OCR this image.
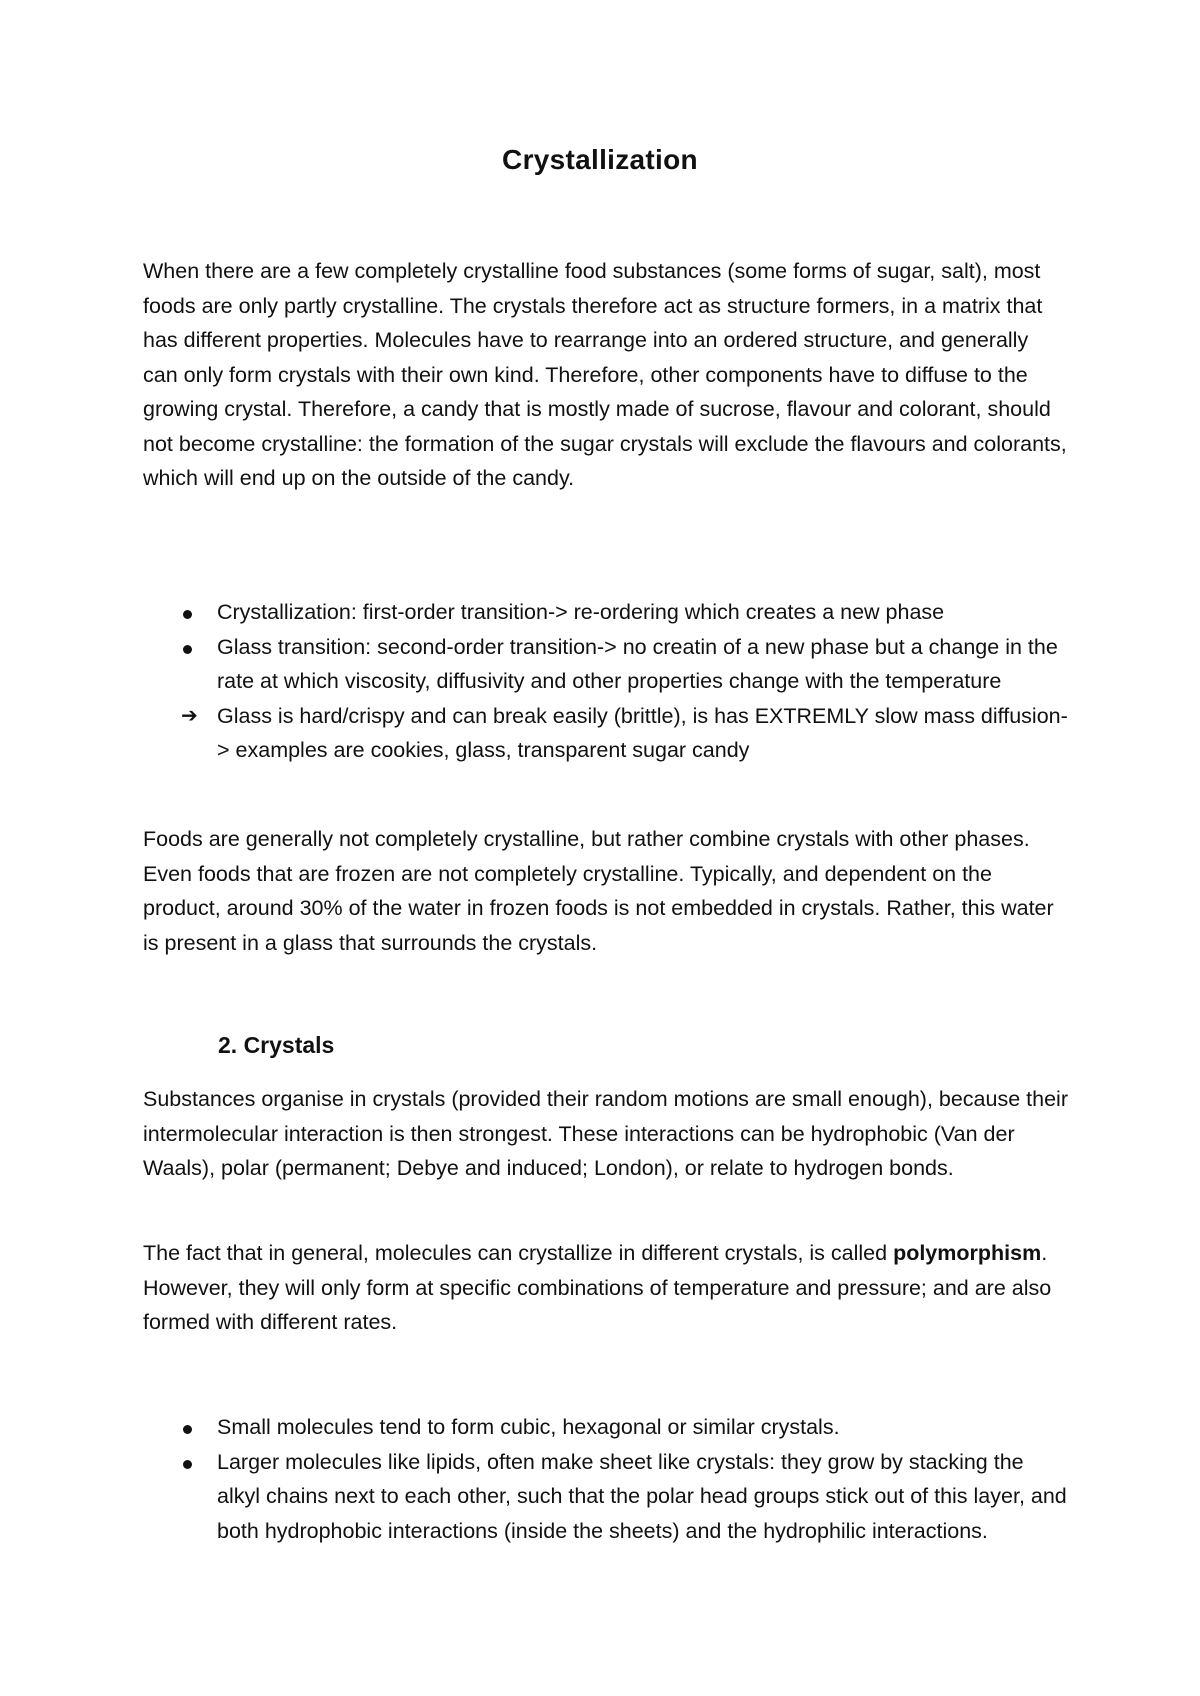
Crystallization

When there are a few completely crystalline food substances (some forms of sugar, salt), most foods are only partly crystalline. The crystals therefore act as structure formers, in a matrix that has different properties. Molecules have to rearrange into an ordered structure, and generally can only form crystals with their own kind. Therefore, other components have to diffuse to the growing crystal. Therefore, a candy that is mostly made of sucrose, flavour and colorant, should not become crystalline: the formation of the sugar crystals will exclude the flavours and colorants, which will end up on the outside of the candy.

Crystallization: first-order transition-> re-ordering which creates a new phase
Glass transition: second-order transition-> no creatin of a new phase but a change in the rate at which viscosity, diffusivity and other properties change with the temperature
➔ Glass is hard/crispy and can break easily (brittle), is has EXTREMLY slow mass diffusion-> examples are cookies, glass, transparent sugar candy

Foods are generally not completely crystalline, but rather combine crystals with other phases. Even foods that are frozen are not completely crystalline. Typically, and dependent on the product, around 30% of the water in frozen foods is not embedded in crystals. Rather, this water is present in a glass that surrounds the crystals.

2. Crystals

Substances organise in crystals (provided their random motions are small enough), because their intermolecular interaction is then strongest. These interactions can be hydrophobic (Van der Waals), polar (permanent; Debye and induced; London), or relate to hydrogen bonds.

The fact that in general, molecules can crystallize in different crystals, is called polymorphism. However, they will only form at specific combinations of temperature and pressure; and are also formed with different rates.

Small molecules tend to form cubic, hexagonal or similar crystals.
Larger molecules like lipids, often make sheet like crystals: they grow by stacking the alkyl chains next to each other, such that the polar head groups stick out of this layer, and both hydrophobic interactions (inside the sheets) and the hydrophilic interactions.
